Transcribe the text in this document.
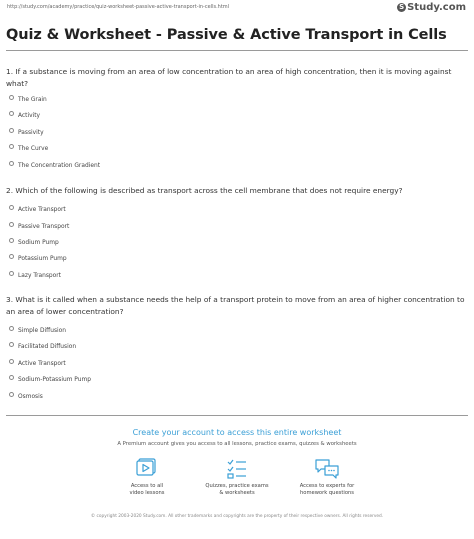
http://study.com/academy/practice/quiz-worksheet-passive-active-transport-in-cells.html	S Study.com
Quiz & Worksheet - Passive & Active Transport in Cells
1. If a substance is moving from an area of low concentration to an area of high concentration, then it is moving against what?
The Grain
Activity
Passivity
The Curve
The Concentration Gradient
2. Which of the following is described as transport across the cell membrane that does not require energy?
Active Transport
Passive Transport
Sodium Pump
Potassium Pump
Lazy Transport
3. What is it called when a substance needs the help of a transport protein to move from an area of higher concentration to an area of lower concentration?
Simple Diffusion
Facilitated Diffusion
Active Transport
Sodium-Potassium Pump
Osmosis
Create your account to access this entire worksheet
A Premium account gives you access to all lessons, practice exams, quizzes & worksheets
Access to all
video lessons
Quizzes, practice exams
& worksheets
Access to experts for
homework questions
© copyright 2003-2020 Study.com. All other trademarks and copyrights are the property of their respective owners. All rights reserved.
